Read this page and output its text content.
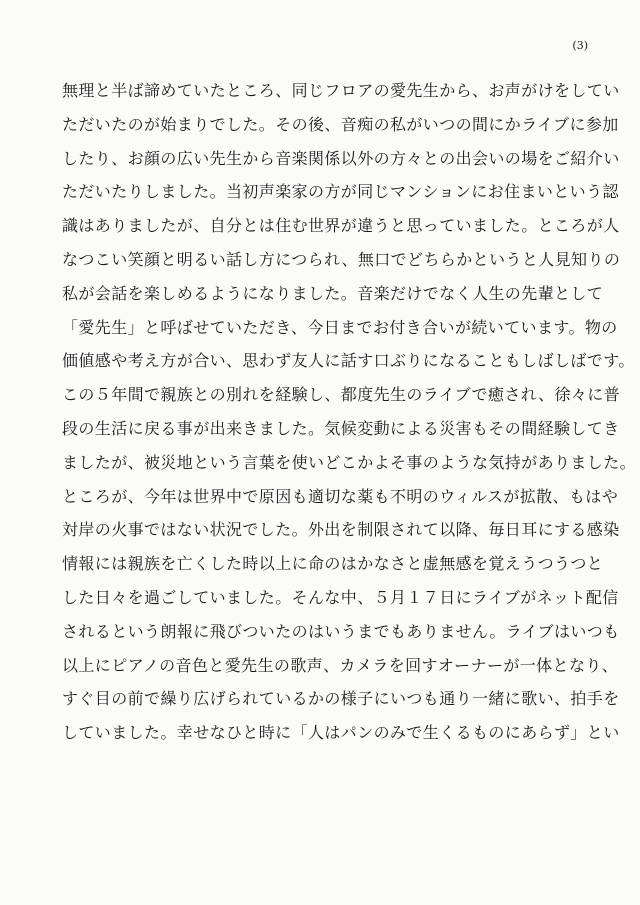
(3)
無理と半ば諦めていたところ、同じフロアの愛先生から、お声がけをしてい
ただいたのが始まりでした。その後、音痴の私がいつの間にかライブに参加
したり、お顔の広い先生から音楽関係以外の方々との出会いの場をご紹介い
ただいたりしました。当初声楽家の方が同じマンションにお住まいという認
識はありましたが、自分とは住む世界が違うと思っていました。ところが人
なつこい笑顔と明るい話し方につられ、無口でどちらかというと人見知りの
私が会話を楽しめるようになりました。音楽だけでなく人生の先輩として
「愛先生」と呼ばせていただき、今日までお付き合いが続いています。物の
価値感や考え方が合い、思わず友人に話す口ぶりになることもしばしばです。
この５年間で親族との別れを経験し、都度先生のライブで癒され、徐々に普
段の生活に戻る事が出来きました。気候変動による災害もその間経験してき
ましたが、被災地という言葉を使いどこかよそ事のような気持がありました。
ところが、今年は世界中で原因も適切な薬も不明のウィルスが拡散、もはや
対岸の火事ではない状況でした。外出を制限されて以降、毎日耳にする感染
情報には親族を亡くした時以上に命のはかなさと虚無感を覚えうつうつと
した日々を過ごしていました。そんな中、５月１７日にライブがネット配信
されるという朗報に飛びついたのはいうまでもありません。ライブはいつも
以上にピアノの音色と愛先生の歌声、カメラを回すオーナーが一体となり、
すぐ目の前で繰り広げられているかの様子にいつも通り一緒に歌い、拍手を
していました。幸せなひと時に「人はパンのみで生くるものにあらず」とい
